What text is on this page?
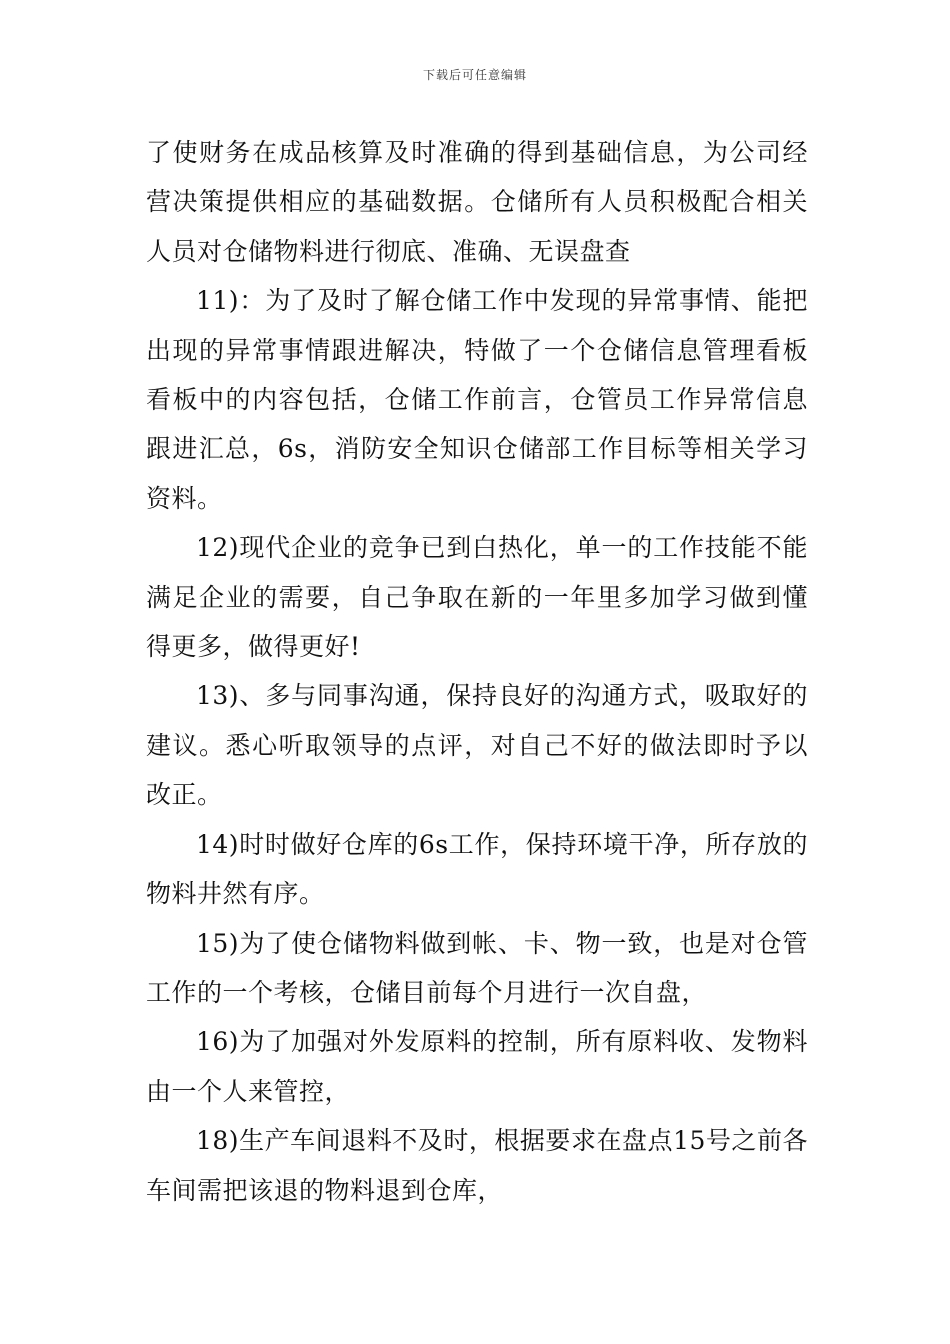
下载后可任意编辑

了使财务在成品核算及时准确的得到基础信息，为公司经营决策提供相应的基础数据。仓储所有人员积极配合相关人员对仓储物料进行彻底、准确、无误盘查

11)：为了及时了解仓储工作中发现的异常事情、能把出现的异常事情跟进解决，特做了一个仓储信息管理看板看板中的内容包括，仓储工作前言，仓管员工作异常信息跟进汇总，6s，消防安全知识仓储部工作目标等相关学习资料。

12)现代企业的竞争已到白热化，单一的工作技能不能满足企业的需要，自己争取在新的一年里多加学习做到懂得更多，做得更好!

13)、多与同事沟通，保持良好的沟通方式，吸取好的建议。悉心听取领导的点评，对自己不好的做法即时予以改正。

14)时时做好仓库的6s工作，保持环境干净，所存放的物料井然有序。

15)为了使仓储物料做到帐、卡、物一致，也是对仓管工作的一个考核，仓储目前每个月进行一次自盘，

16)为了加强对外发原料的控制，所有原料收、发物料由一个人来管控，

18)生产车间退料不及时，根据要求在盘点15号之前各车间需把该退的物料退到仓库，
